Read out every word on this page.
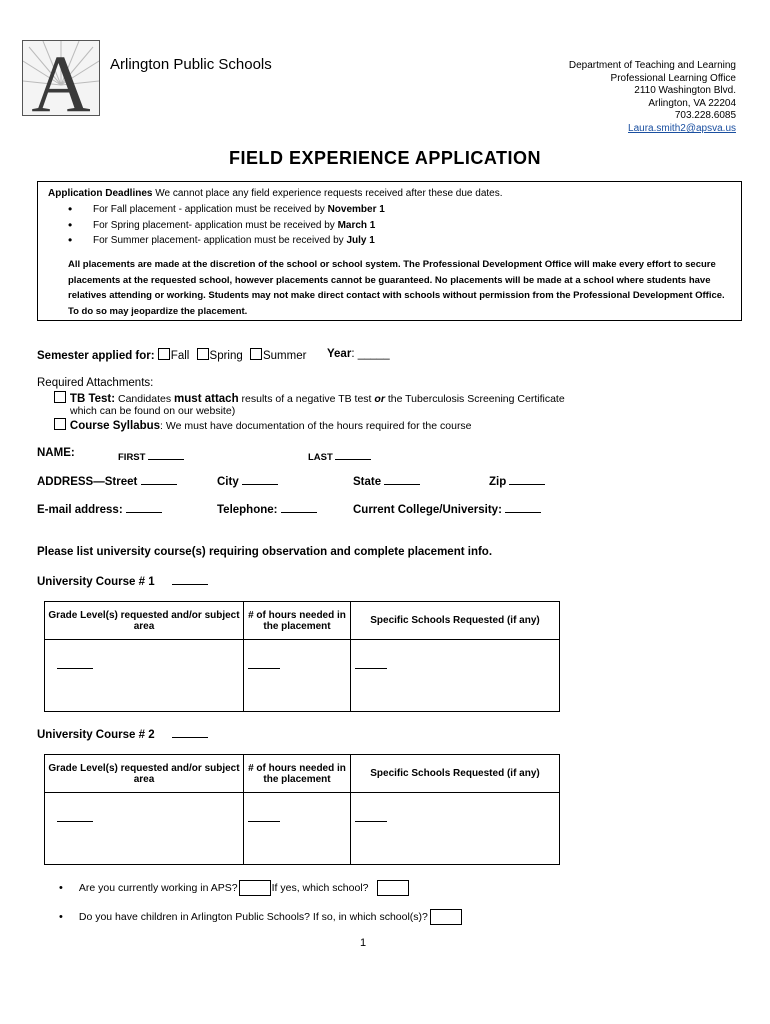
A Arlington Public Schools	Department of Teaching and Learning
Professional Learning Office
2110 Washington Blvd.
Arlington, VA 22204
703.228.6085
Laura.smith2@apsva.us
FIELD EXPERIENCE APPLICATION
Application Deadlines We cannot place any field experience requests received after these due dates.
• For Fall placement - application must be received by November 1
• For Spring placement- application must be received by March 1
• For Summer placement- application must be received by July 1
All placements are made at the discretion of the school or school system. The Professional Development Office will make every effort to secure placements at the requested school, however placements cannot be guaranteed. No placements will be made at a school where students have relatives attending or working. Students may not make direct contact with schools without permission from the Professional Development Office. To do so may jeopardize the placement.
Semester applied for: Fall Spring Summer Year: _____
Required Attachments:
TB Test: Candidates must attach results of a negative TB test or the Tuberculosis Screening Certificate
which can be found on our website)
Course Syllabus: We must have documentation of the hours required for the course
NAME:	FIRST	LAST
ADDRESS—Street	City	State	Zip
E-mail address:	Telephone:	Current College/University:
Please list university course(s) requiring observation and complete placement info.
University Course # 1
Grade Level(s) requested and/or subject area	# of hours needed in the placement	Specific Schools Requested (if any)

University Course # 2
Grade Level(s) requested and/or subject area	# of hours needed in the placement	Specific Schools Requested (if any)

• Are you currently working in APS?	If yes, which school?
• Do you have children in Arlington Public Schools? If so, in which school(s)?
1
